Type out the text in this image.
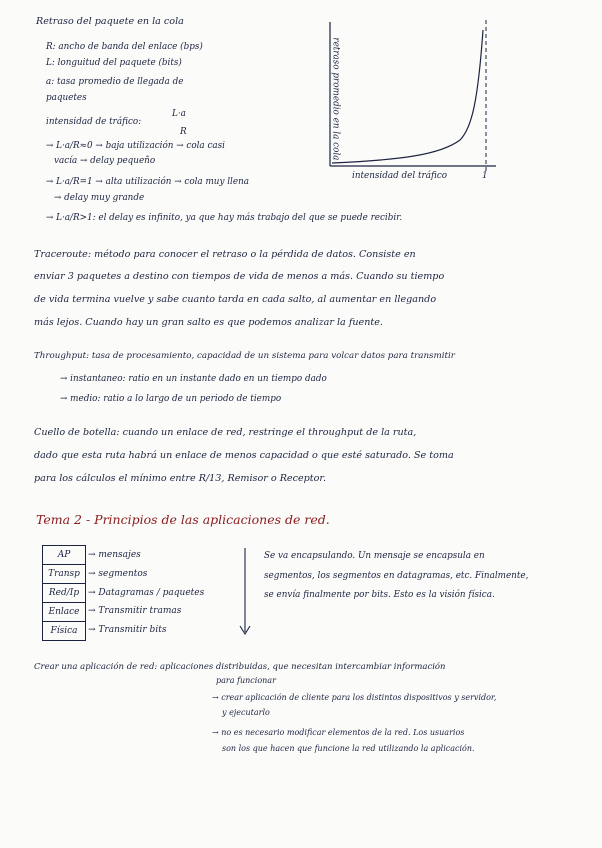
Retraso del paquete en la cola
R: ancho de banda del enlace (bps)
L: longuitud del paquete (bits)
a: tasa promedio de llegada de
paquetes
intensidad de tráfico:
L·a
R
→ L·a/R≈0 → baja utilización → cola casi
vacía → delay pequeño
→ L·a/R=1 → alta utilización → cola muy llena
→ delay muy grande
→ L·a/R>1: el delay es infinito, ya que hay más trabajo del que se puede recibir.
retraso promedio en la cola
intensidad del tráfico	1
Traceroute: método para conocer el retraso o la pérdida de datos. Consiste en
enviar 3 paquetes a destino con tiempos de vida de menos a más. Cuando su tiempo
de vida termina vuelve y sabe cuanto tarda en cada salto, al aumentar en llegando
más lejos. Cuando hay un gran salto es que podemos analizar la fuente.
Throughput: tasa de procesamiento, capacidad de un sistema para volcar datos para transmitir
→ instantaneo: ratio en un instante dado en un tiempo dado
→ medio: ratio a lo largo de un periodo de tiempo
Cuello de botella: cuando un enlace de red, restringe el throughput de la ruta,
dado que esta ruta habrá un enlace de menos capacidad o que esté saturado. Se toma
para los cálculos el mínimo entre R/13, Remisor o Receptor.
Tema 2 - Principios de las aplicaciones de red.
AP
Transp
Red/Ip
Enlace
Física
→ mensajes
→ segmentos
→ Datagramas / paquetes
→ Transmitir tramas
→ Transmitir bits
Se va encapsulando. Un mensaje se encapsula en
segmentos, los segmentos en datagramas, etc. Finalmente,
se envía finalmente por bits. Esto es la visión física.
Crear una aplicación de red: aplicaciones distribuidas, que necesitan intercambiar información
para funcionar
→ crear aplicación de cliente para los distintos dispositivos y servidor,
y ejecutarlo
→ no es necesario modificar elementos de la red. Los usuarios
son los que hacen que funcione la red utilizando la aplicación.
